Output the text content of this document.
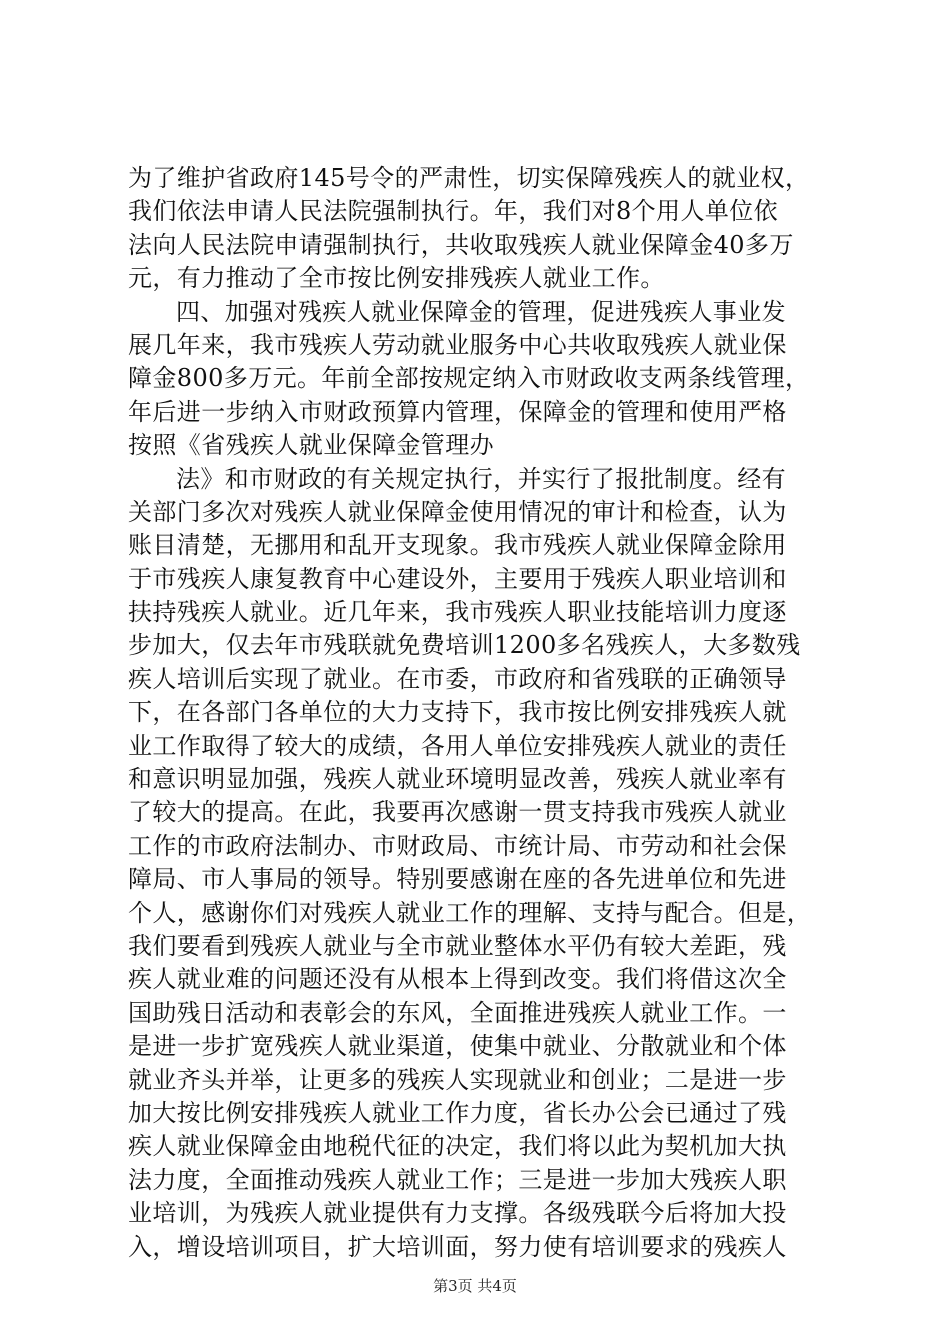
为了维护省政府145号令的严肃性，切实保障残疾人的就业权，
我们依法申请人民法院强制执行。年，我们对8个用人单位依
法向人民法院申请强制执行，共收取残疾人就业保障金40多万
元，有力推动了全市按比例安排残疾人就业工作。
四、加强对残疾人就业保障金的管理，促进残疾人事业发
展几年来，我市残疾人劳动就业服务中心共收取残疾人就业保
障金800多万元。年前全部按规定纳入市财政收支两条线管理，
年后进一步纳入市财政预算内管理，保障金的管理和使用严格
按照《省残疾人就业保障金管理办
法》和市财政的有关规定执行，并实行了报批制度。经有
关部门多次对残疾人就业保障金使用情况的审计和检查，认为
账目清楚，无挪用和乱开支现象。我市残疾人就业保障金除用
于市残疾人康复教育中心建设外，主要用于残疾人职业培训和
扶持残疾人就业。近几年来，我市残疾人职业技能培训力度逐
步加大，仅去年市残联就免费培训1200多名残疾人，大多数残
疾人培训后实现了就业。在市委，市政府和省残联的正确领导
下，在各部门各单位的大力支持下，我市按比例安排残疾人就
业工作取得了较大的成绩，各用人单位安排残疾人就业的责任
和意识明显加强，残疾人就业环境明显改善，残疾人就业率有
了较大的提高。在此，我要再次感谢一贯支持我市残疾人就业
工作的市政府法制办、市财政局、市统计局、市劳动和社会保
障局、市人事局的领导。特别要感谢在座的各先进单位和先进
个人，感谢你们对残疾人就业工作的理解、支持与配合。但是，
我们要看到残疾人就业与全市就业整体水平仍有较大差距，残
疾人就业难的问题还没有从根本上得到改变。我们将借这次全
国助残日活动和表彰会的东风，全面推进残疾人就业工作。一
是进一步扩宽残疾人就业渠道，使集中就业、分散就业和个体
就业齐头并举，让更多的残疾人实现就业和创业；二是进一步
加大按比例安排残疾人就业工作力度，省长办公会已通过了残
疾人就业保障金由地税代征的决定，我们将以此为契机加大执
法力度，全面推动残疾人就业工作；三是进一步加大残疾人职
业培训，为残疾人就业提供有力支撑。各级残联今后将加大投
入，增设培训项目，扩大培训面，努力使有培训要求的残疾人
第3页 共4页
